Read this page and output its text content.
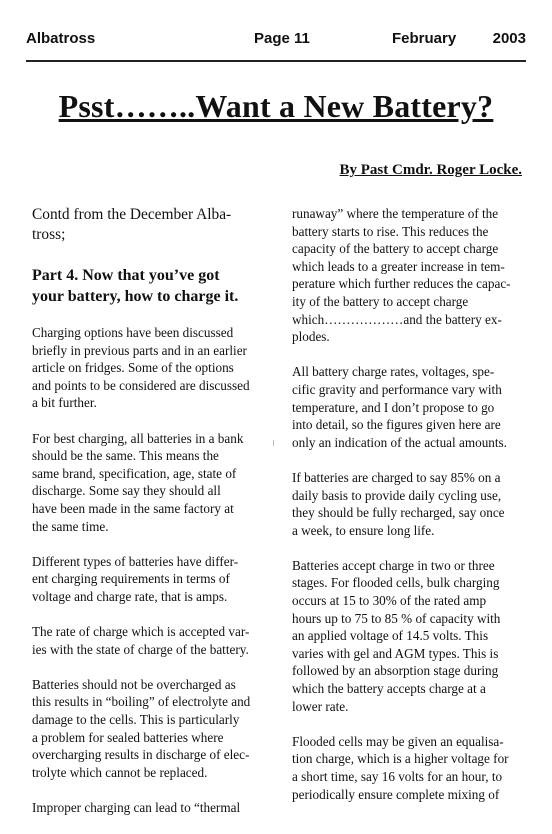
Albatross	Page 11	February 2003
Psst……..Want a New Battery?
By Past Cmdr. Roger Locke.

Contd from the December Alba-
tross;

Part 4. Now that you’ve got
your battery, how to charge it.

Charging options have been discussed
briefly in previous parts and in an earlier
article on fridges. Some of the options
and points to be considered are discussed
a bit further.

For best charging, all batteries in a bank
should be the same. This means the
same brand, specification, age, state of
discharge. Some say they should all
have been made in the same factory at
the same time.

Different types of batteries have differ-
ent charging requirements in terms of
voltage and charge rate, that is amps.

The rate of charge which is accepted var-
ies with the state of charge of the battery.

Batteries should not be overcharged as
this results in “boiling” of electrolyte and
damage to the cells. This is particularly
a problem for sealed batteries where
overcharging results in discharge of elec-
trolyte which cannot be replaced.

Improper charging can lead to “thermal

runaway” where the temperature of the
battery starts to rise. This reduces the
capacity of the battery to accept charge
which leads to a greater increase in tem-
perature which further reduces the capac-
ity of the battery to accept charge
which………………and the battery ex-
plodes.

All battery charge rates, voltages, spe-
cific gravity and performance vary with
temperature, and I don’t propose to go
into detail, so the figures given here are
only an indication of the actual amounts.

If batteries are charged to say 85% on a
daily basis to provide daily cycling use,
they should be fully recharged, say once
a week, to ensure long life.

Batteries accept charge in two or three
stages. For flooded cells, bulk charging
occurs at 15 to 30% of the rated amp
hours up to 75 to 85 % of capacity with
an applied voltage of 14.5 volts. This
varies with gel and AGM types. This is
followed by an absorption stage during
which the battery accepts charge at a
lower rate.

Flooded cells may be given an equalisa-
tion charge, which is a higher voltage for
a short time, say 16 volts for an hour, to
periodically ensure complete mixing of
